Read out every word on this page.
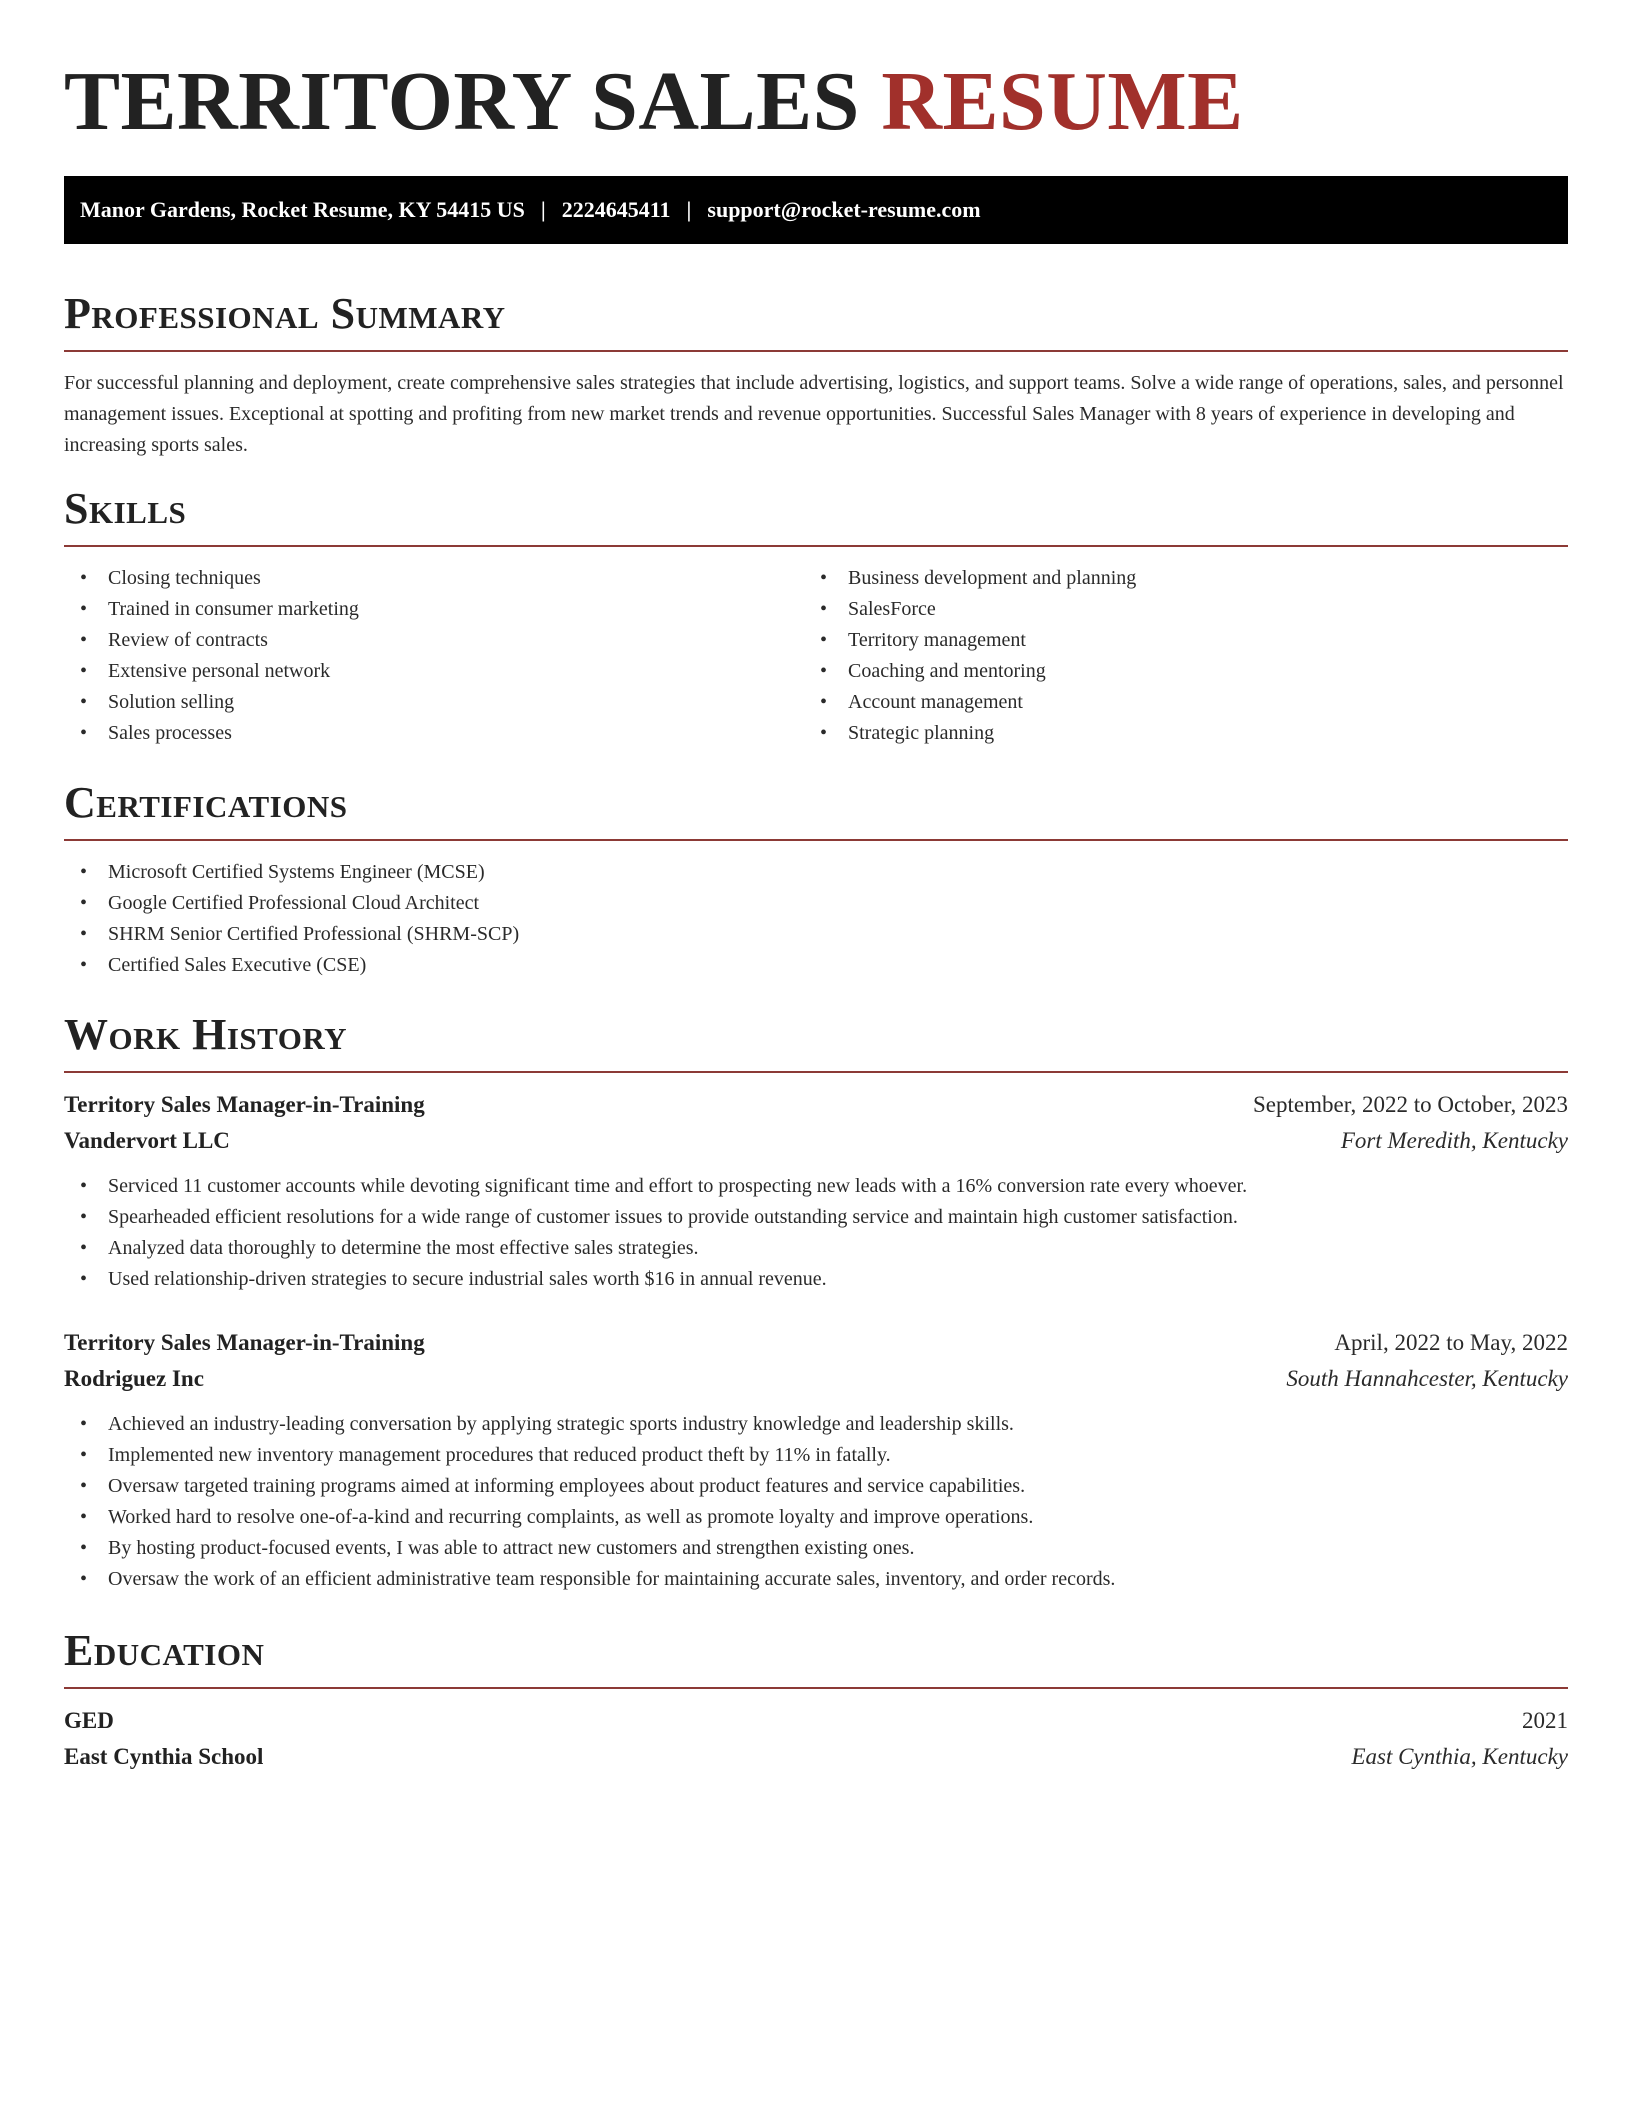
TERRITORY SALES RESUME
Manor Gardens, Rocket Resume, KY 54415 US | 2224645411 | support@rocket-resume.com
Professional Summary

For successful planning and deployment, create comprehensive sales strategies that include advertising, logistics, and support teams. Solve a wide range of operations, sales, and personnel management issues. Exceptional at spotting and profiting from new market trends and revenue opportunities. Successful Sales Manager with 8 years of experience in developing and increasing sports sales.

Skills
• Closing techniques
• Trained in consumer marketing
• Review of contracts
• Extensive personal network
• Solution selling
• Sales processes
• Business development and planning
• SalesForce
• Territory management
• Coaching and mentoring
• Account management
• Strategic planning
Certifications
• Microsoft Certified Systems Engineer (MCSE)
• Google Certified Professional Cloud Architect
• SHRM Senior Certified Professional (SHRM-SCP)
• Certified Sales Executive (CSE)
Work History
Territory Sales Manager-in-Training	September, 2022 to October, 2023
Vandervort LLC	Fort Meredith, Kentucky
• Serviced 11 customer accounts while devoting significant time and effort to prospecting new leads with a 16% conversion rate every whoever.
• Spearheaded efficient resolutions for a wide range of customer issues to provide outstanding service and maintain high customer satisfaction.
• Analyzed data thoroughly to determine the most effective sales strategies.
• Used relationship-driven strategies to secure industrial sales worth $16 in annual revenue.
Territory Sales Manager-in-Training	April, 2022 to May, 2022
Rodriguez Inc	South Hannahcester, Kentucky
• Achieved an industry-leading conversation by applying strategic sports industry knowledge and leadership skills.
• Implemented new inventory management procedures that reduced product theft by 11% in fatally.
• Oversaw targeted training programs aimed at informing employees about product features and service capabilities.
• Worked hard to resolve one-of-a-kind and recurring complaints, as well as promote loyalty and improve operations.
• By hosting product-focused events, I was able to attract new customers and strengthen existing ones.
• Oversaw the work of an efficient administrative team responsible for maintaining accurate sales, inventory, and order records.
Education
GED	2021
East Cynthia School	East Cynthia, Kentucky
